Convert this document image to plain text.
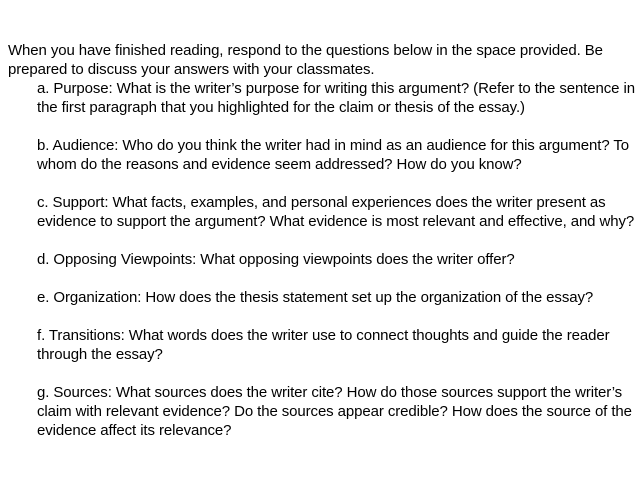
When you have finished reading, respond to the questions below in the space provided. Be prepared to discuss your answers with your classmates.

a. Purpose: What is the writer’s purpose for writing this argument? (Refer to the sentence in the first paragraph that you highlighted for the claim or thesis of the essay.)
b. Audience: Who do you think the writer had in mind as an audience for this argument? To whom do the reasons and evidence seem addressed? How do you know?
c. Support: What facts, examples, and personal experiences does the writer present as evidence to support the argument? What evidence is most relevant and effective, and why?
d. Opposing Viewpoints: What opposing viewpoints does the writer offer?
e. Organization: How does the thesis statement set up the organization of the essay?
f. Transitions: What words does the writer use to connect thoughts and guide the reader through the essay?
g. Sources: What sources does the writer cite? How do those sources support the writer’s claim with relevant evidence? Do the sources appear credible? How does the source of the evidence affect its relevance?
